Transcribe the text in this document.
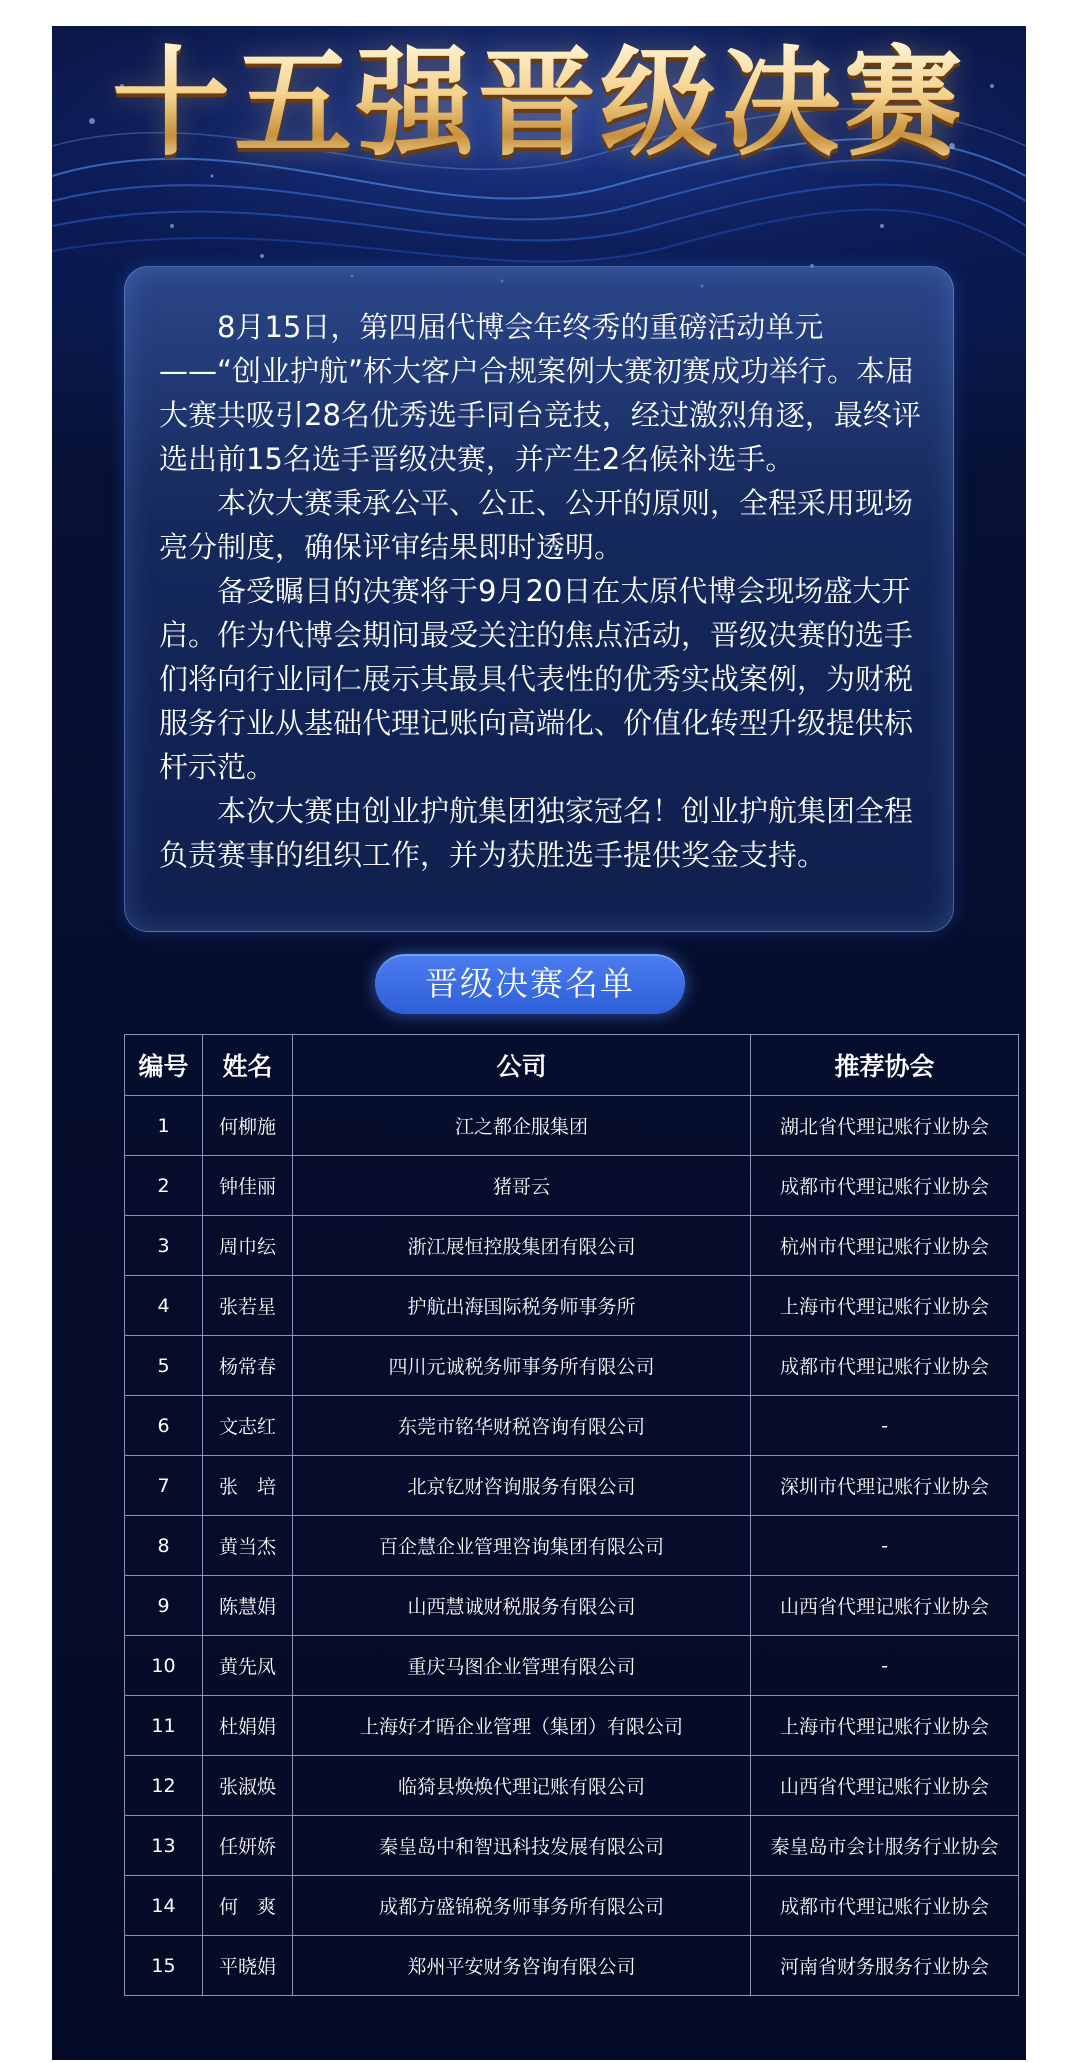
十五强晋级决赛

8月15日，第四届代博会年终秀的重磅活动单元——“创业护航”杯大客户合规案例大赛初赛成功举行。本届大赛共吸引28名优秀选手同台竞技，经过激烈角逐，最终评选出前15名选手晋级决赛，并产生2名候补选手。

本次大赛秉承公平、公正、公开的原则，全程采用现场亮分制度，确保评审结果即时透明。

备受瞩目的决赛将于9月20日在太原代博会现场盛大开启。作为代博会期间最受关注的焦点活动，晋级决赛的选手们将向行业同仁展示其最具代表性的优秀实战案例，为财税服务行业从基础代理记账向高端化、价值化转型升级提供标杆示范。

本次大赛由创业护航集团独家冠名！创业护航集团全程负责赛事的组织工作，并为获胜选手提供奖金支持。

晋级决赛名单
编号	姓名	公司	推荐协会
1	何柳施	江之都企服集团	湖北省代理记账行业协会
2	钟佳丽	猪哥云	成都市代理记账行业协会
3	周巾纭	浙江展恒控股集团有限公司	杭州市代理记账行业协会
4	张若星	护航出海国际税务师事务所	上海市代理记账行业协会
5	杨常春	四川元诚税务师事务所有限公司	成都市代理记账行业协会
6	文志红	东莞市铭华财税咨询有限公司	-
7	张　培	北京钇财咨询服务有限公司	深圳市代理记账行业协会
8	黄当杰	百企慧企业管理咨询集团有限公司	-
9	陈慧娟	山西慧诚财税服务有限公司	山西省代理记账行业协会
10	黄先凤	重庆马图企业管理有限公司	-
11	杜娟娟	上海好才晤企业管理（集团）有限公司	上海市代理记账行业协会
12	张淑焕	临猗县焕焕代理记账有限公司	山西省代理记账行业协会
13	任妍娇	秦皇岛中和智迅科技发展有限公司	秦皇岛市会计服务行业协会
14	何　爽	成都方盛锦税务师事务所有限公司	成都市代理记账行业协会
15	平晓娟	郑州平安财务咨询有限公司	河南省财务服务行业协会
